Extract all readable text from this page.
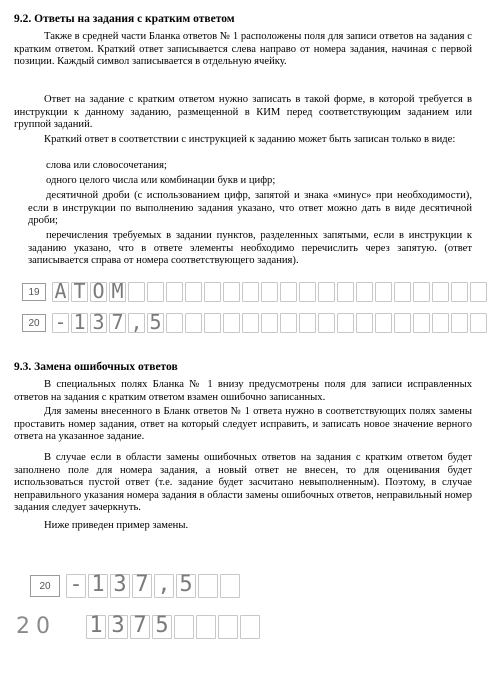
9.2. Ответы на задания с кратким ответом

Также в средней части Бланка ответов № 1 расположены поля для записи ответов на задания с кратким ответом. Краткий ответ записывается слева направо от номера задания, начиная с первой позиции. Каждый символ записывается в отдельную ячейку.

Ответ на задание с кратким ответом нужно записать в такой форме, в которой требуется в инструкции к данному заданию, размещенной в КИМ перед соответствующим заданием или группой заданий.

Краткий ответ в соответствии с инструкцией к заданию может быть записан только в виде:

слова или словосочетания;

одного целого числа или комбинации букв и цифр;

десятичной дроби (с использованием цифр, запятой и знака «минус» при необходимости), если в инструкции по выполнению задания указано, что ответ можно дать в виде десятичной дроби;

перечисления требуемых в задании пунктов, разделенных запятыми, если в инструкции к заданию указано, что в ответе элементы необходимо перечислить через запятую. (ответ записывается справа от номера соответствующего задания).

19 А Т О М
20 - 1 3 7 , 5
9.3. Замена ошибочных ответов

В специальных полях Бланка № 1 внизу предусмотрены поля для записи исправленных ответов на задания с кратким ответом взамен ошибочно записанных.

Для замены внесенного в Бланк ответов № 1 ответа нужно в соответствующих полях замены проставить номер задания, ответ на который следует исправить, и записать новое значение верного ответа на указанное задание.

В случае если в области замены ошибочных ответов на задания с кратким ответом будет заполнено поле для номера задания, а новый ответ не внесен, то для оценивания будет использоваться пустой ответ (т.е. задание будет засчитано невыполненным). Поэтому, в случае неправильного указания номера задания в области замены ошибочных ответов, неправильный номер задания следует зачеркнуть.

Ниже приведен пример замены.

20 - 1 3 7 , 5
20	1 3 7 5
